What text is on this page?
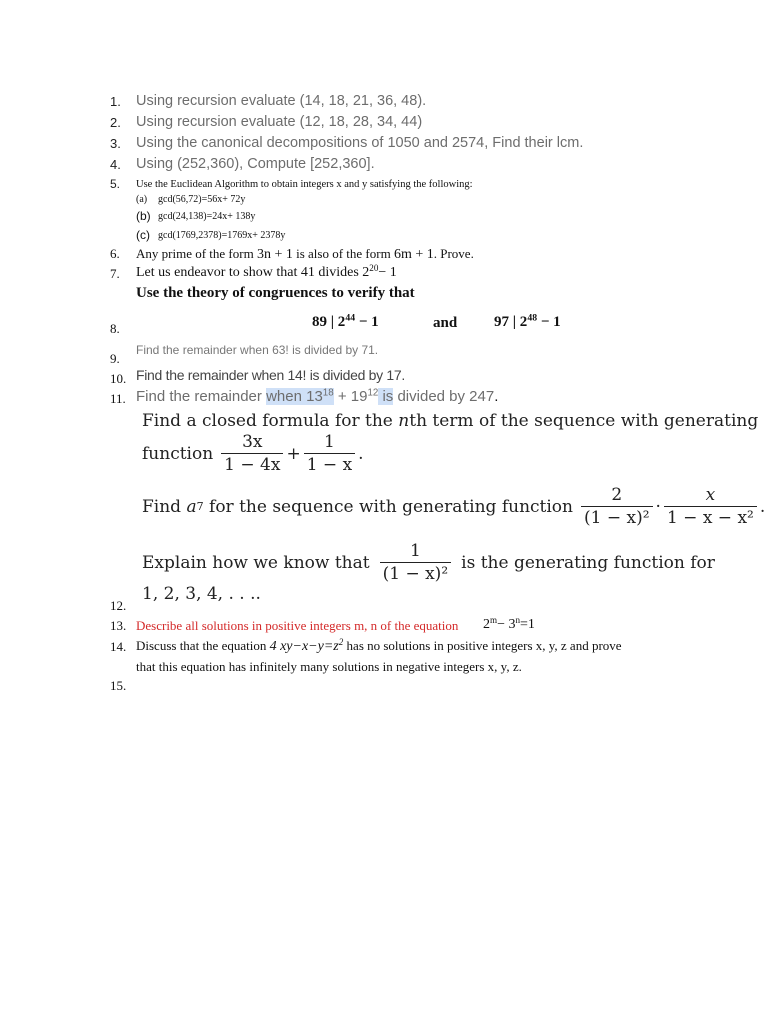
1.	Using recursion evaluate (14, 18, 21, 36, 48).
2.	Using recursion evaluate (12, 18, 28, 34, 44)
3.	Using the canonical decompositions of 1050 and 2574, Find their lcm.
4.	Using (252,360), Compute [252,360].
5.	Use the Euclidean Algorithm to obtain integers x and y satisfying the following:
(a) gcd(56,72)=56x+ 72y
(b) gcd(24,138)=24x+ 138y
(c) gcd(1769,2378)=1769x+ 2378y
6.	Any prime of the form 3n + 1 is also of the form 6m + 1. Prove.
7.	Let us endeavor to show that 41 divides $2^{20}- 1$
Use the theory of congruences to verify that
89 | $2^{44} - 1$	and 97 | $2^{48} - 1$
8.
Find the remainder when 63! is divided by 71.
9.
10. Find the remainder when 14! is divided by 17.
11. Find the remainder when $13^{18} + 19^{12}$ is divided by 247.
Find a closed formula for the nth term of the sequence with generating
function $\frac{3x}{1 - 4x} + \frac{1}{1 - x}$ .
Find
a 7
for the sequence with generating function $\frac{2}{\text{(1 − x)²}} \cdot \frac{x}{\text{1 − x − x²}}$ .
Explain how we know that $\frac{1}{\text{(1 − x)²}}$ is the generating function for
1, 2, 3, 4, . . ..
12.
13. Describe all solutions in positive integers m, n of the equation $2^m- 3^n=1$
14. Discuss that the equation 4 $xy-x-y=z^2$ has no solutions in positive integers x, y, z and prove
that this equation has infinitely many solutions in negative integers x, y, z.
15.
